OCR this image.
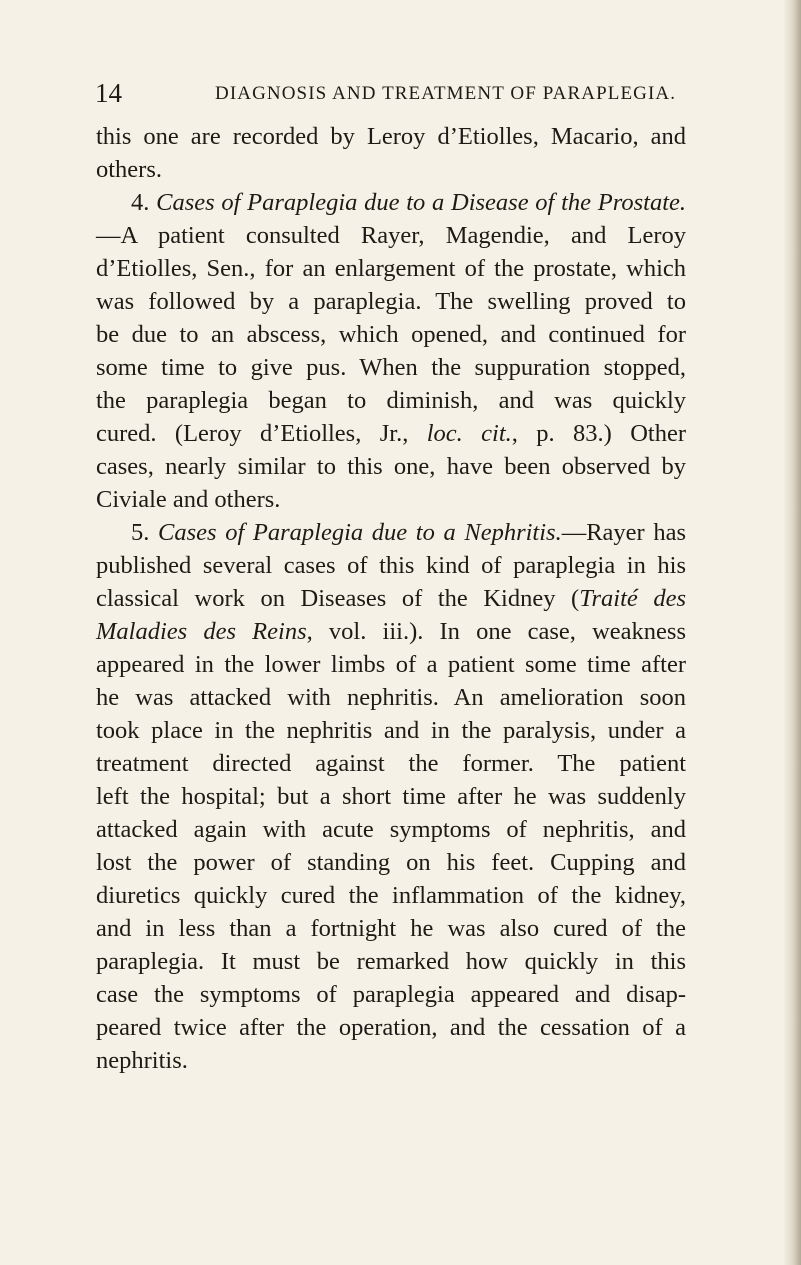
14	DIAGNOSIS AND TREATMENT OF PARAPLEGIA.
this one are recorded by Leroy d’Etiolles, Macario, and
others.
4. Cases of Paraplegia due to a Disease of the Prostate.
—A patient consulted Rayer, Magendie, and Leroy
d’Etiolles, Sen., for an enlargement of the prostate, which
was followed by a paraplegia. The swelling proved to
be due to an abscess, which opened, and continued for
some time to give pus. When the suppuration stopped,
the paraplegia began to diminish, and was quickly
cured. (Leroy d’Etiolles, Jr., loc. cit., p. 83.) Other
cases, nearly similar to this one, have been observed by
Civiale and others.
5. Cases of Paraplegia due to a Nephritis.—Rayer has
published several cases of this kind of paraplegia in his
classical work on Diseases of the Kidney (Traité des
Maladies des Reins, vol. iii.). In one case, weakness
appeared in the lower limbs of a patient some time after
he was attacked with nephritis. An amelioration soon
took place in the nephritis and in the paralysis, under a
treatment directed against the former. The patient
left the hospital; but a short time after he was suddenly
attacked again with acute symptoms of nephritis, and
lost the power of standing on his feet. Cupping and
diuretics quickly cured the inflammation of the kidney,
and in less than a fortnight he was also cured of the
paraplegia. It must be remarked how quickly in this
case the symptoms of paraplegia appeared and disap-
peared twice after the operation, and the cessation of a
nephritis.
